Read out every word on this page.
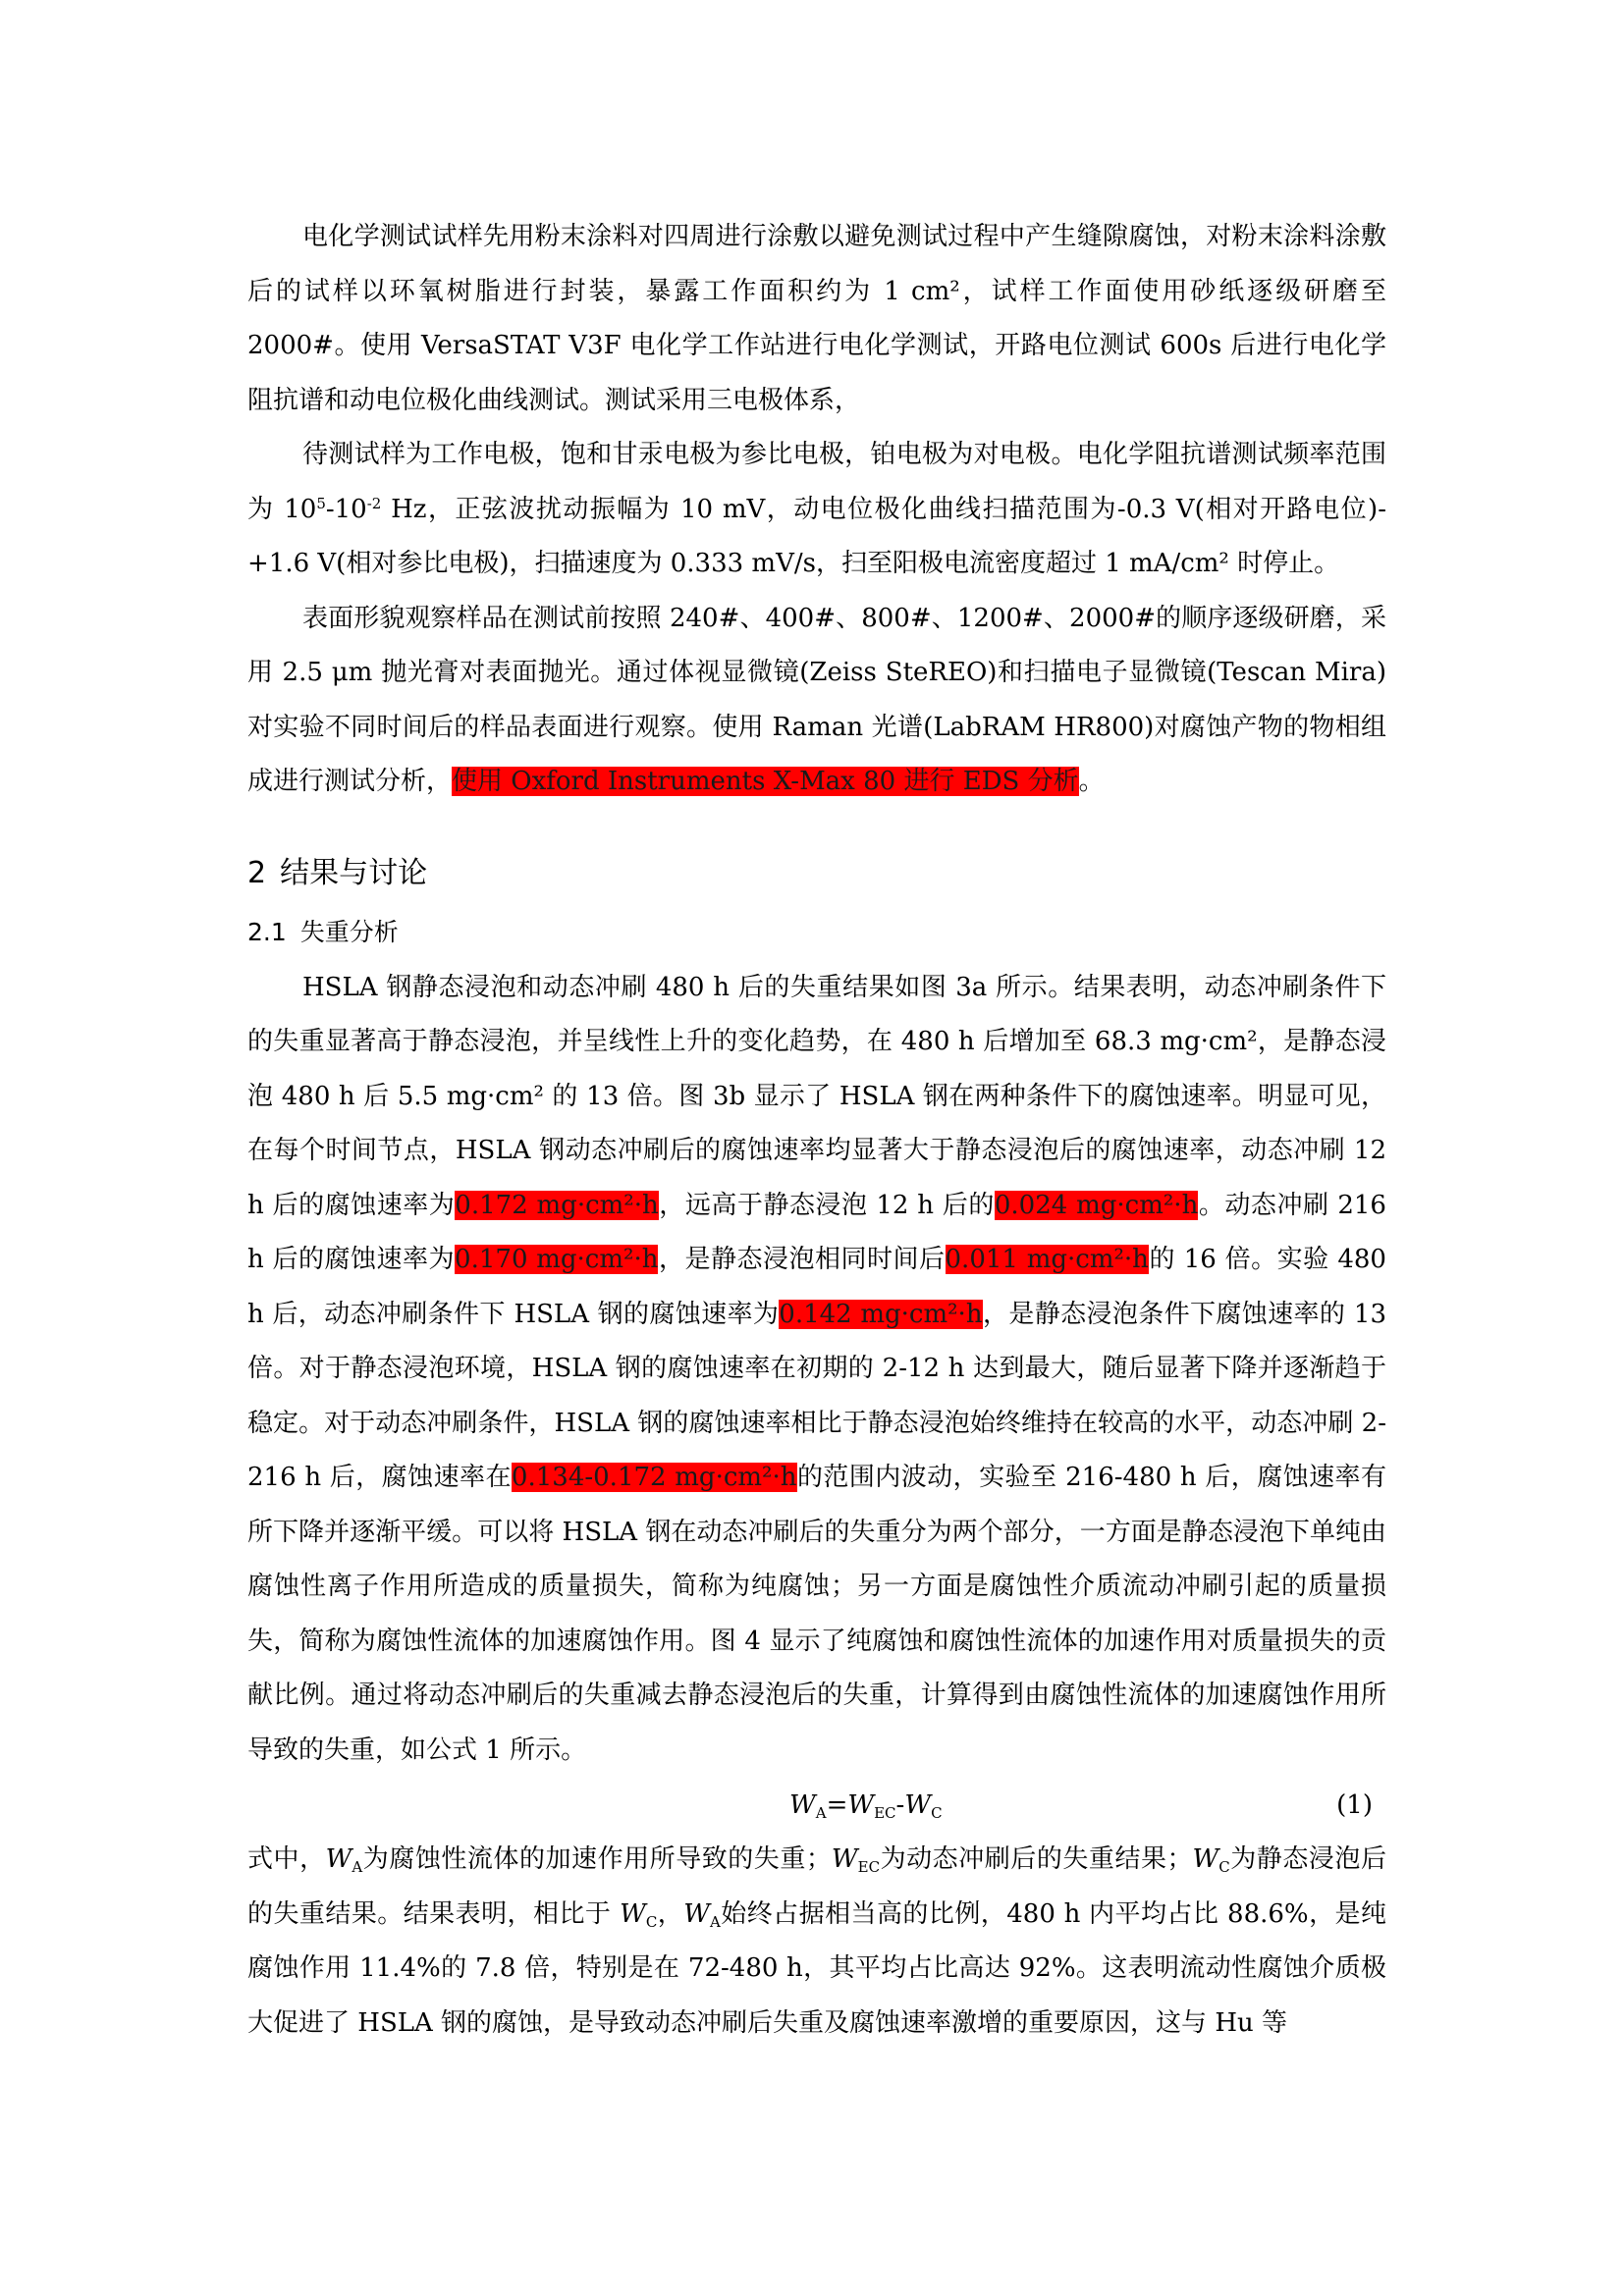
电化学测试试样先用粉末涂料对四周进行涂敷以避免测试过程中产生缝隙腐蚀，对粉末涂料涂敷后的试样以环氧树脂进行封装，暴露工作面积约为 1 cm²，试样工作面使用砂纸逐级研磨至 2000#。使用 VersaSTAT V3F 电化学工作站进行电化学测试，开路电位测试 600s 后进行电化学阻抗谱和动电位极化曲线测试。测试采用三电极体系，

待测试样为工作电极，饱和甘汞电极为参比电极，铂电极为对电极。电化学阻抗谱测试频率范围为 $10^5-10^{-2}$ Hz，正弦波扰动振幅为 10 mV，动电位极化曲线扫描范围为-0.3 V(相对开路电位)-+1.6 V(相对参比电极)，扫描速度为 0.333 mV/s，扫至阳极电流密度超过 1 mA/cm² 时停止。

表面形貌观察样品在测试前按照 240#、400#、800#、1200#、2000#的顺序逐级研磨，采用 2.5 μm 抛光膏对表面抛光。通过体视显微镜(Zeiss SteREO)和扫描电子显微镜(Tescan Mira)对实验不同时间后的样品表面进行观察。使用 Raman 光谱(LabRAM HR800)对腐蚀产物的物相组成进行测试分析，使用 Oxford Instruments X-Max 80 进行 EDS 分析。

2 结果与讨论
2.1 失重分析

HSLA 钢静态浸泡和动态冲刷 480 h 后的失重结果如图 3a 所示。结果表明，动态冲刷条件下的失重显著高于静态浸泡，并呈线性上升的变化趋势，在 480 h 后增加至 68.3 mg·cm²，是静态浸泡 480 h 后 5.5 mg·cm² 的 13 倍。图 3b 显示了 HSLA 钢在两种条件下的腐蚀速率。明显可见，在每个时间节点，HSLA 钢动态冲刷后的腐蚀速率均显著大于静态浸泡后的腐蚀速率，动态冲刷 12 h 后的腐蚀速率为0.172 mg·cm²·h，远高于静态浸泡 12 h 后的0.024 mg·cm²·h。动态冲刷 216 h 后的腐蚀速率为0.170 mg·cm²·h，是静态浸泡相同时间后0.011 mg·cm²·h的 16 倍。实验 480 h 后，动态冲刷条件下 HSLA 钢的腐蚀速率为0.142 mg·cm²·h，是静态浸泡条件下腐蚀速率的 13 倍。对于静态浸泡环境，HSLA 钢的腐蚀速率在初期的 2-12 h 达到最大，随后显著下降并逐渐趋于稳定。对于动态冲刷条件，HSLA 钢的腐蚀速率相比于静态浸泡始终维持在较高的水平，动态冲刷 2-216 h 后，腐蚀速率在0.134-0.172 mg·cm²·h的范围内波动，实验至 216-480 h 后，腐蚀速率有所下降并逐渐平缓。可以将 HSLA 钢在动态冲刷后的失重分为两个部分，一方面是静态浸泡下单纯由腐蚀性离子作用所造成的质量损失，简称为纯腐蚀；另一方面是腐蚀性介质流动冲刷引起的质量损失，简称为腐蚀性流体的加速腐蚀作用。图 4 显示了纯腐蚀和腐蚀性流体的加速作用对质量损失的贡献比例。通过将动态冲刷后的失重减去静态浸泡后的失重，计算得到由腐蚀性流体的加速腐蚀作用所导致的失重，如公式 1 所示。

$W_A=W_{EC}-W_C$	(1)

式中，$W_A$为腐蚀性流体的加速作用所导致的失重；$W_{EC}$为动态冲刷后的失重结果；$W_C$为静态浸泡后的失重结果。结果表明，相比于 $W_C$，$W_A$始终占据相当高的比例，480 h 内平均占比 88.6%，是纯腐蚀作用 11.4%的 7.8 倍，特别是在 72-480 h，其平均占比高达 92%。这表明流动性腐蚀介质极大促进了 HSLA 钢的腐蚀，是导致动态冲刷后失重及腐蚀速率激增的重要原因，这与 Hu 等
